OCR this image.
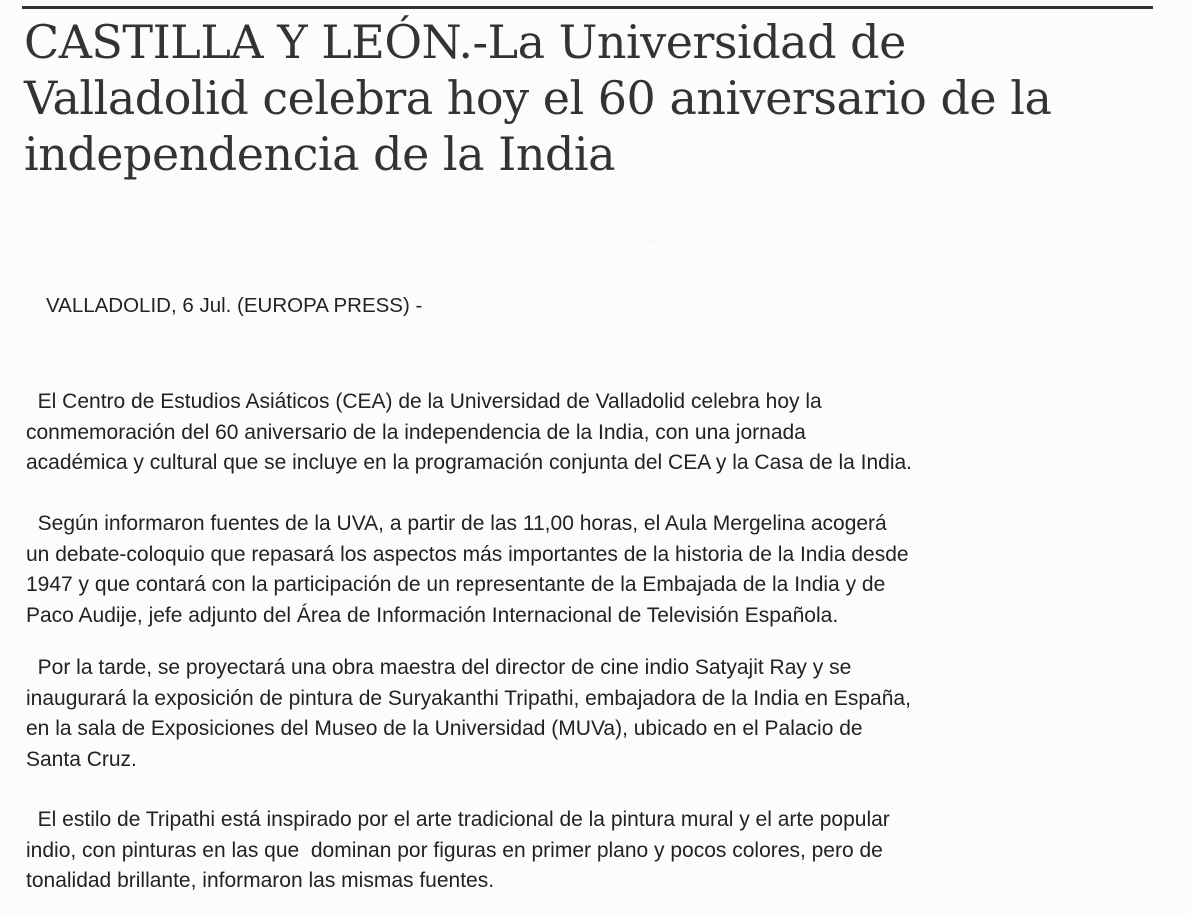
CASTILLA Y LEÓN.-La Universidad de
Valladolid celebra hoy el 60 aniversario de la
independencia de la India
· ˙ ·

VALLADOLID, 6 Jul. (EUROPA PRESS) -

El Centro de Estudios Asiáticos (CEA) de la Universidad de Valladolid celebra hoy la
conmemoración del 60 aniversario de la independencia de la India, con una jornada
académica y cultural que se incluye en la programación conjunta del CEA y la Casa de la India.

Según informaron fuentes de la UVA, a partir de las 11,00 horas, el Aula Mergelina acogerá
un debate-coloquio que repasará los aspectos más importantes de la historia de la India desde
1947 y que contará con la participación de un representante de la Embajada de la India y de
Paco Audije, jefe adjunto del Área de Información Internacional de Televisión Española.

Por la tarde, se proyectará una obra maestra del director de cine indio Satyajit Ray y se
inaugurará la exposición de pintura de Suryakanthi Tripathi, embajadora de la India en España,
en la sala de Exposiciones del Museo de la Universidad (MUVa), ubicado en el Palacio de
Santa Cruz.

El estilo de Tripathi está inspirado por el arte tradicional de la pintura mural y el arte popular
indio, con pinturas en las que  dominan por figuras en primer plano y pocos colores, pero de
tonalidad brillante, informaron las mismas fuentes.
